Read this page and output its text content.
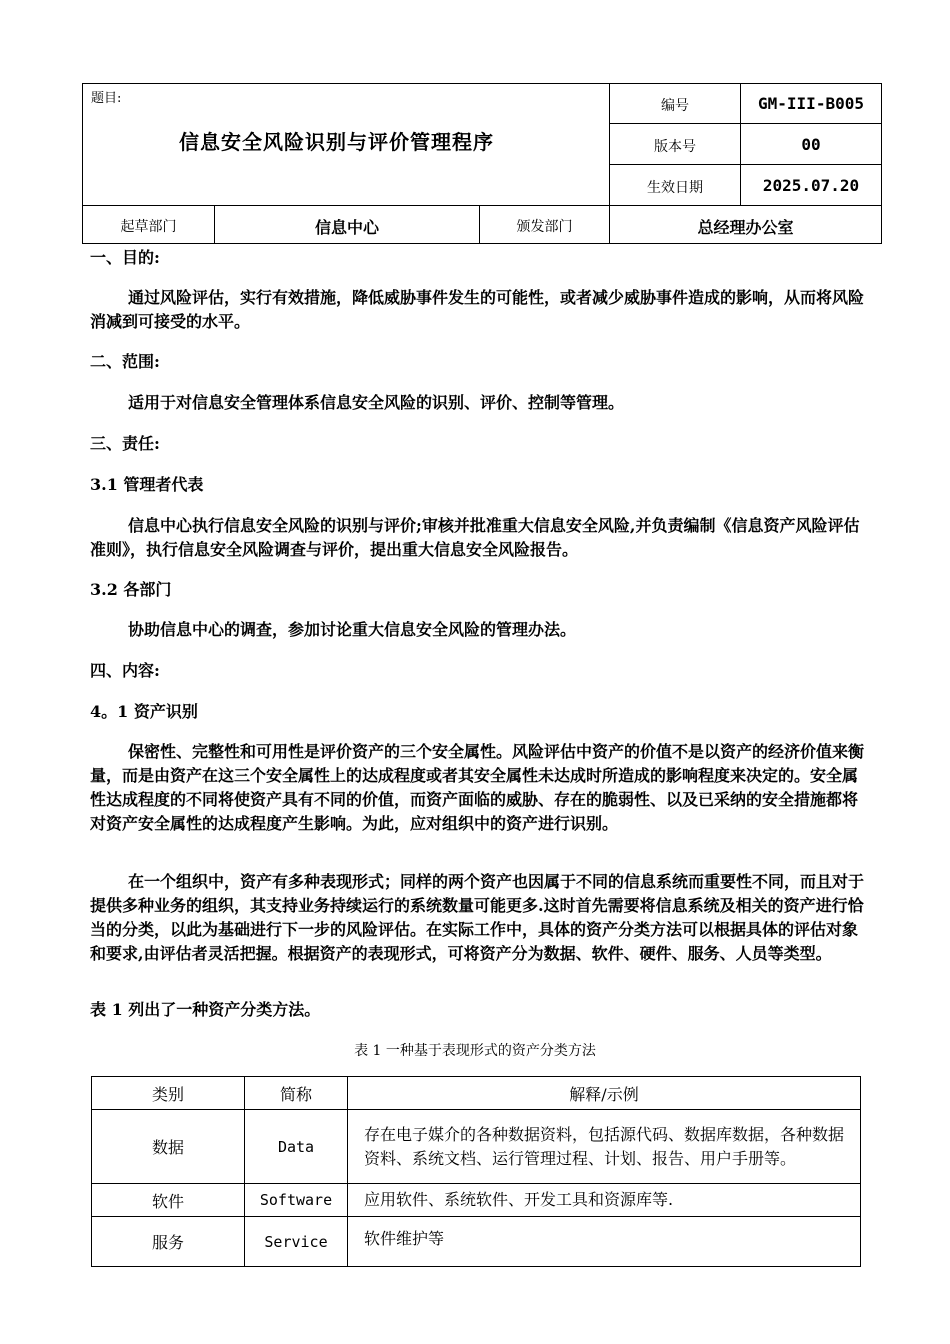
题目:
信息安全风险识别与评价管理程序
编号	GM-III-B005
版本号	00
生效日期	2025.07.20
起草部门	信息中心	颁发部门	总经理办公室

一、目的:

通过风险评估，实行有效措施，降低威胁事件发生的可能性，或者减少威胁事件造成的影响，从而将风险消减到可接受的水平。

二、范围:

适用于对信息安全管理体系信息安全风险的识别、评价、控制等管理。

三、责任:

3.1 管理者代表

信息中心执行信息安全风险的识别与评价;审核并批准重大信息安全风险,并负责编制《信息资产风险评估准则》，执行信息安全风险调查与评价，提出重大信息安全风险报告。

3.2 各部门

协助信息中心的调查，参加讨论重大信息安全风险的管理办法。

四、内容:

4。1 资产识别

保密性、完整性和可用性是评价资产的三个安全属性。风险评估中资产的价值不是以资产的经济价值来衡量，而是由资产在这三个安全属性上的达成程度或者其安全属性未达成时所造成的影响程度来决定的。安全属性达成程度的不同将使资产具有不同的价值，而资产面临的威胁、存在的脆弱性、以及已采纳的安全措施都将对资产安全属性的达成程度产生影响。为此，应对组织中的资产进行识别。

在一个组织中，资产有多种表现形式；同样的两个资产也因属于不同的信息系统而重要性不同，而且对于提供多种业务的组织，其支持业务持续运行的系统数量可能更多.这时首先需要将信息系统及相关的资产进行恰当的分类，以此为基础进行下一步的风险评估。在实际工作中，具体的资产分类方法可以根据具体的评估对象和要求,由评估者灵活把握。根据资产的表现形式，可将资产分为数据、软件、硬件、服务、人员等类型。

表 1 列出了一种资产分类方法。

表 1 一种基于表现形式的资产分类方法
类别	简称	解释/示例
数据	Data	存在电子媒介的各种数据资料，包括源代码、数据库数据，各种数据资料、系统文档、运行管理过程、计划、报告、用户手册等。
软件	Software	应用软件、系统软件、开发工具和资源库等.
服务	Service	软件维护等
